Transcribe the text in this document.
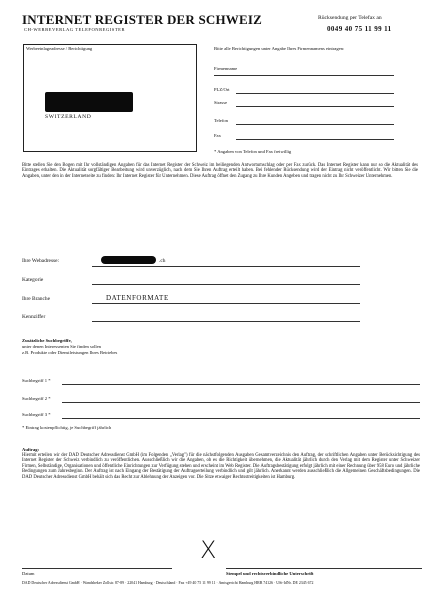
INTERNET REGISTER DER SCHWEIZ
CH-WERBEVERLAG TELEFONREGISTER
Rücksendung per Telefax an
0049 40 75 11 99 11
Werbeeinlageadresse / Berichtigung
SWITZERLAND
Bitte alle Berichtigungen unter Angabe Ihres Firmennamens eintragen:
Firmenname
PLZ/Ort
Strasse
Telefon
Fax
* Angaben von Telefon und Fax freiwillig
Bitte stellen Sie den Bogen mit Ihr vollständigen Angaben für das Internet Register der Schweiz im beiliegenden Antwortumschlag oder per Fax zurück. Das Internet Register kann nur so die Aktualität des Eintrages erhalten. Die Aktualität sorgfältiger Bearbeitung wird unverzüglich, nach dem Sie Ihren Auftrag erteilt haben. Bei fehlender Rücksendung wird der Eintrag nicht veröffentlicht. Wir bitten Sie die Angaben, unter den in der Internetseite zu finden: Ihr Internet Register für Unternehmen. Diese Auftrag öffnet den Zugang zu Ihre Kunden Angeben und tragen nicht zu Ihr Schweizer Unternehmen.
Ihre Webadresse:	.ch
Kategorie
Ihre Branche	DATENFORMATE
Kennziffer
Zusätzliche Suchbegriffe,
unter denen Interessenten Sie finden sollen
z.B. Produkte oder Dienstleistungen Ihres Betriebes
Suchbegriff 1 *
Suchbegriff 2 *
Suchbegriff 3 *
* Eintrag kostenpflichtig, je Suchbegriff jährlich
Auftrag:
Hiermit erteilen wir der DAD Deutscher Adressdienst GmbH (im Folgenden „Verlag") für die nächstfolgenden Ausgaben Gesamtverzeichnis den Auftrag, der schriftlichen Angaben unter Berücksichtigung des Internet Register der Schweiz verbindlich zu veröffentlichen. Ausschließlich wir die Angaben, ob es die Richtigkeit übernehmen, die Aktualität jährlich durch den Verlag mit dem Register unter Schweizer Firmen, Selbständige, Organisationen und öffentliche Einrichtungen zur Verfügung stehen und erscheint im Web Register. Die Auftragsbestätigung erfolgt jährlich mit einer Rechnung über 958 Euro und jährliche Bedingungen zum Jahresbeginn. Der Auftrag ist nach Eingang der Bestätigung der Auftragserteilung verbindlich und gilt jährlich. Anerkannt werden ausschließlich die Allgemeinen Geschäftsbedingungen. Die DAD Deutscher Adressdienst GmbH behält sich das Recht zur Ablehnung der Anzeigen vor. Die Sitze etwaiger Rechtsstreitigkeiten ist Hamburg.
X
Datum	Stempel und rechtsverbindliche Unterschrift
DAD Deutscher Adressdienst GmbH · Wandsbeker Zollstr. 87-89 · 22041 Hamburg · Deutschland · Fax +49 40 75 11 99 11 · Amtsgericht Hamburg HRB 74126 · USt-IdNr. DE 2345 672
